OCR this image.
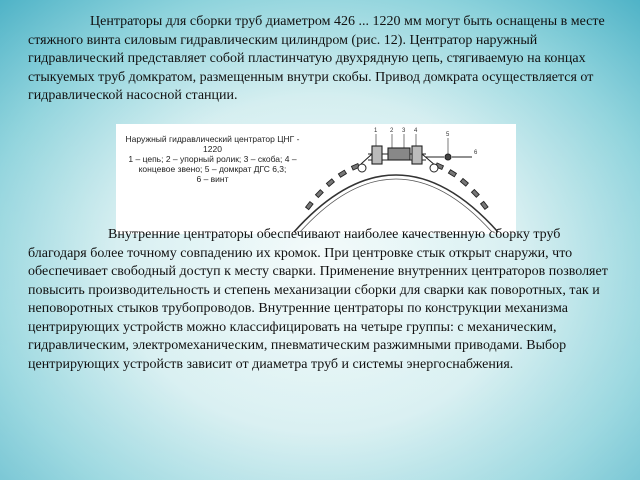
Центраторы для сборки труб диаметром 426 ... 1220 мм могут быть оснащены в месте стяжного винта силовым гидравлическим цилиндром (рис. 12). Центратор наружный гидравлический представляет собой пластинчатую двухрядную цепь, стягиваемую на концах стыкуемых труб домкратом, размещенным внутри скобы. Привод домкрата осуществляется от гидравлической насосной станции.

Наружный гидравлический центратор ЦНГ -
1220
1 – цепь; 2 – упорный ролик; 3 – скоба; 4 –
концевое звено; 5 – домкрат ДГС 6,3;
6 – винт
1 2 3 4
5
6

Внутренние центраторы обеспечивают наиболее качественную сборку труб благодаря более точному совпадению их кромок. При центровке стык открыт снаружи, что обеспечивает свободный доступ к месту сварки. Применение внутренних центраторов позволяет повысить производительность и степень механизации сборки для сварки как поворотных, так и неповоротных стыков трубопроводов. Внутренние центраторы по конструкции механизма центрирующих устройств можно классифицировать на четыре группы: с механическим, гидравлическим, электромеханическим, пневматическим разжимными приводами. Выбор центрирующих устройств зависит от диаметра труб и системы энергоснабжения.
